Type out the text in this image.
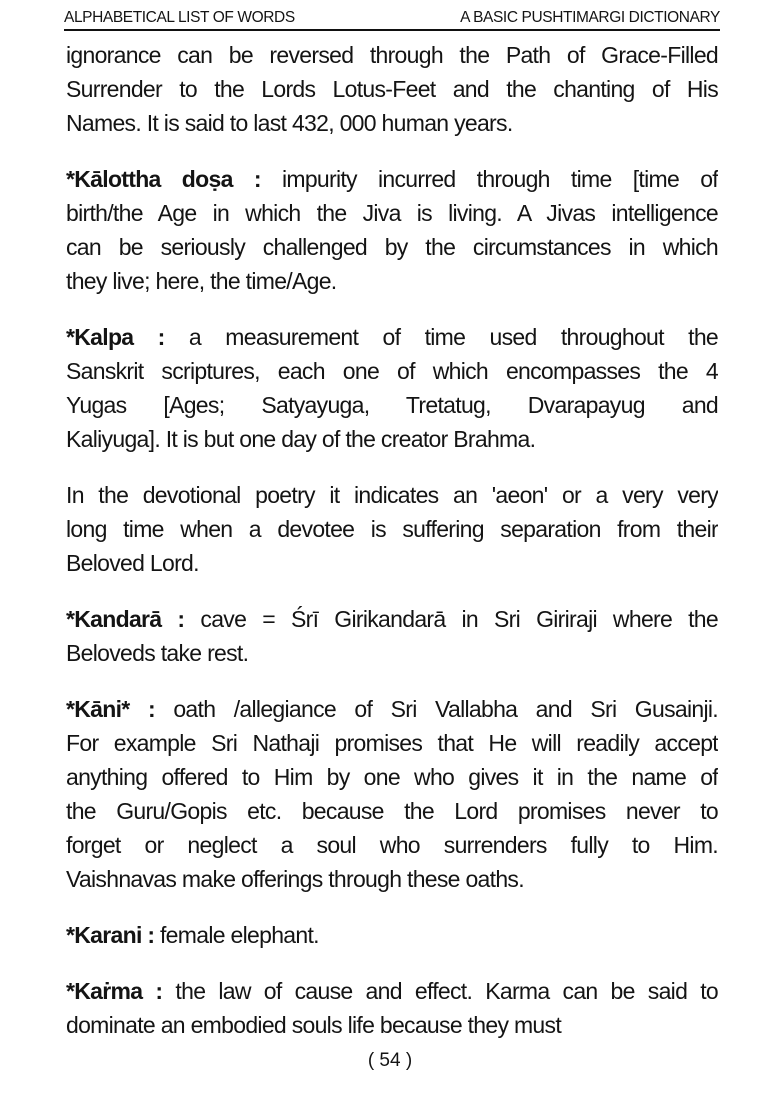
ALPHABETICAL LIST OF WORDS	A BASIC PUSHTIMARGI DICTIONARY
ignorance can be reversed through the Path of Grace-Filled
Surrender to the Lords Lotus-Feet and the chanting of His
Names. It is said to last 432, 000 human years.
*Kālottha doṣa : impurity incurred through time [time of
birth/the Age in which the Jiva is living. A Jivas intelligence
can be seriously challenged by the circumstances in which
they live; here, the time/Age.
*Kalpa : a measurement of time used throughout the
Sanskrit scriptures, each one of which encompasses the 4
Yugas [Ages; Satyayuga, Tretatug, Dvarapayug and
Kaliyuga]. It is but one day of the creator Brahma.
In the devotional poetry it indicates an 'aeon' or a very very
long time when a devotee is suffering separation from their
Beloved Lord.
*Kandarā : cave = Śrī Girikandarā in Sri Giriraji where the
Beloveds take rest.
*Kāni* : oath /allegiance of Sri Vallabha and Sri Gusainji.
For example Sri Nathaji promises that He will readily accept
anything offered to Him by one who gives it in the name of
the Guru/Gopis etc. because the Lord promises never to
forget or neglect a soul who surrenders fully to Him.
Vaishnavas make offerings through these oaths.
*Karani : female elephant.
*Kaṙma : the law of cause and effect. Karma can be said to
dominate an embodied souls life because they must
( 54 )
